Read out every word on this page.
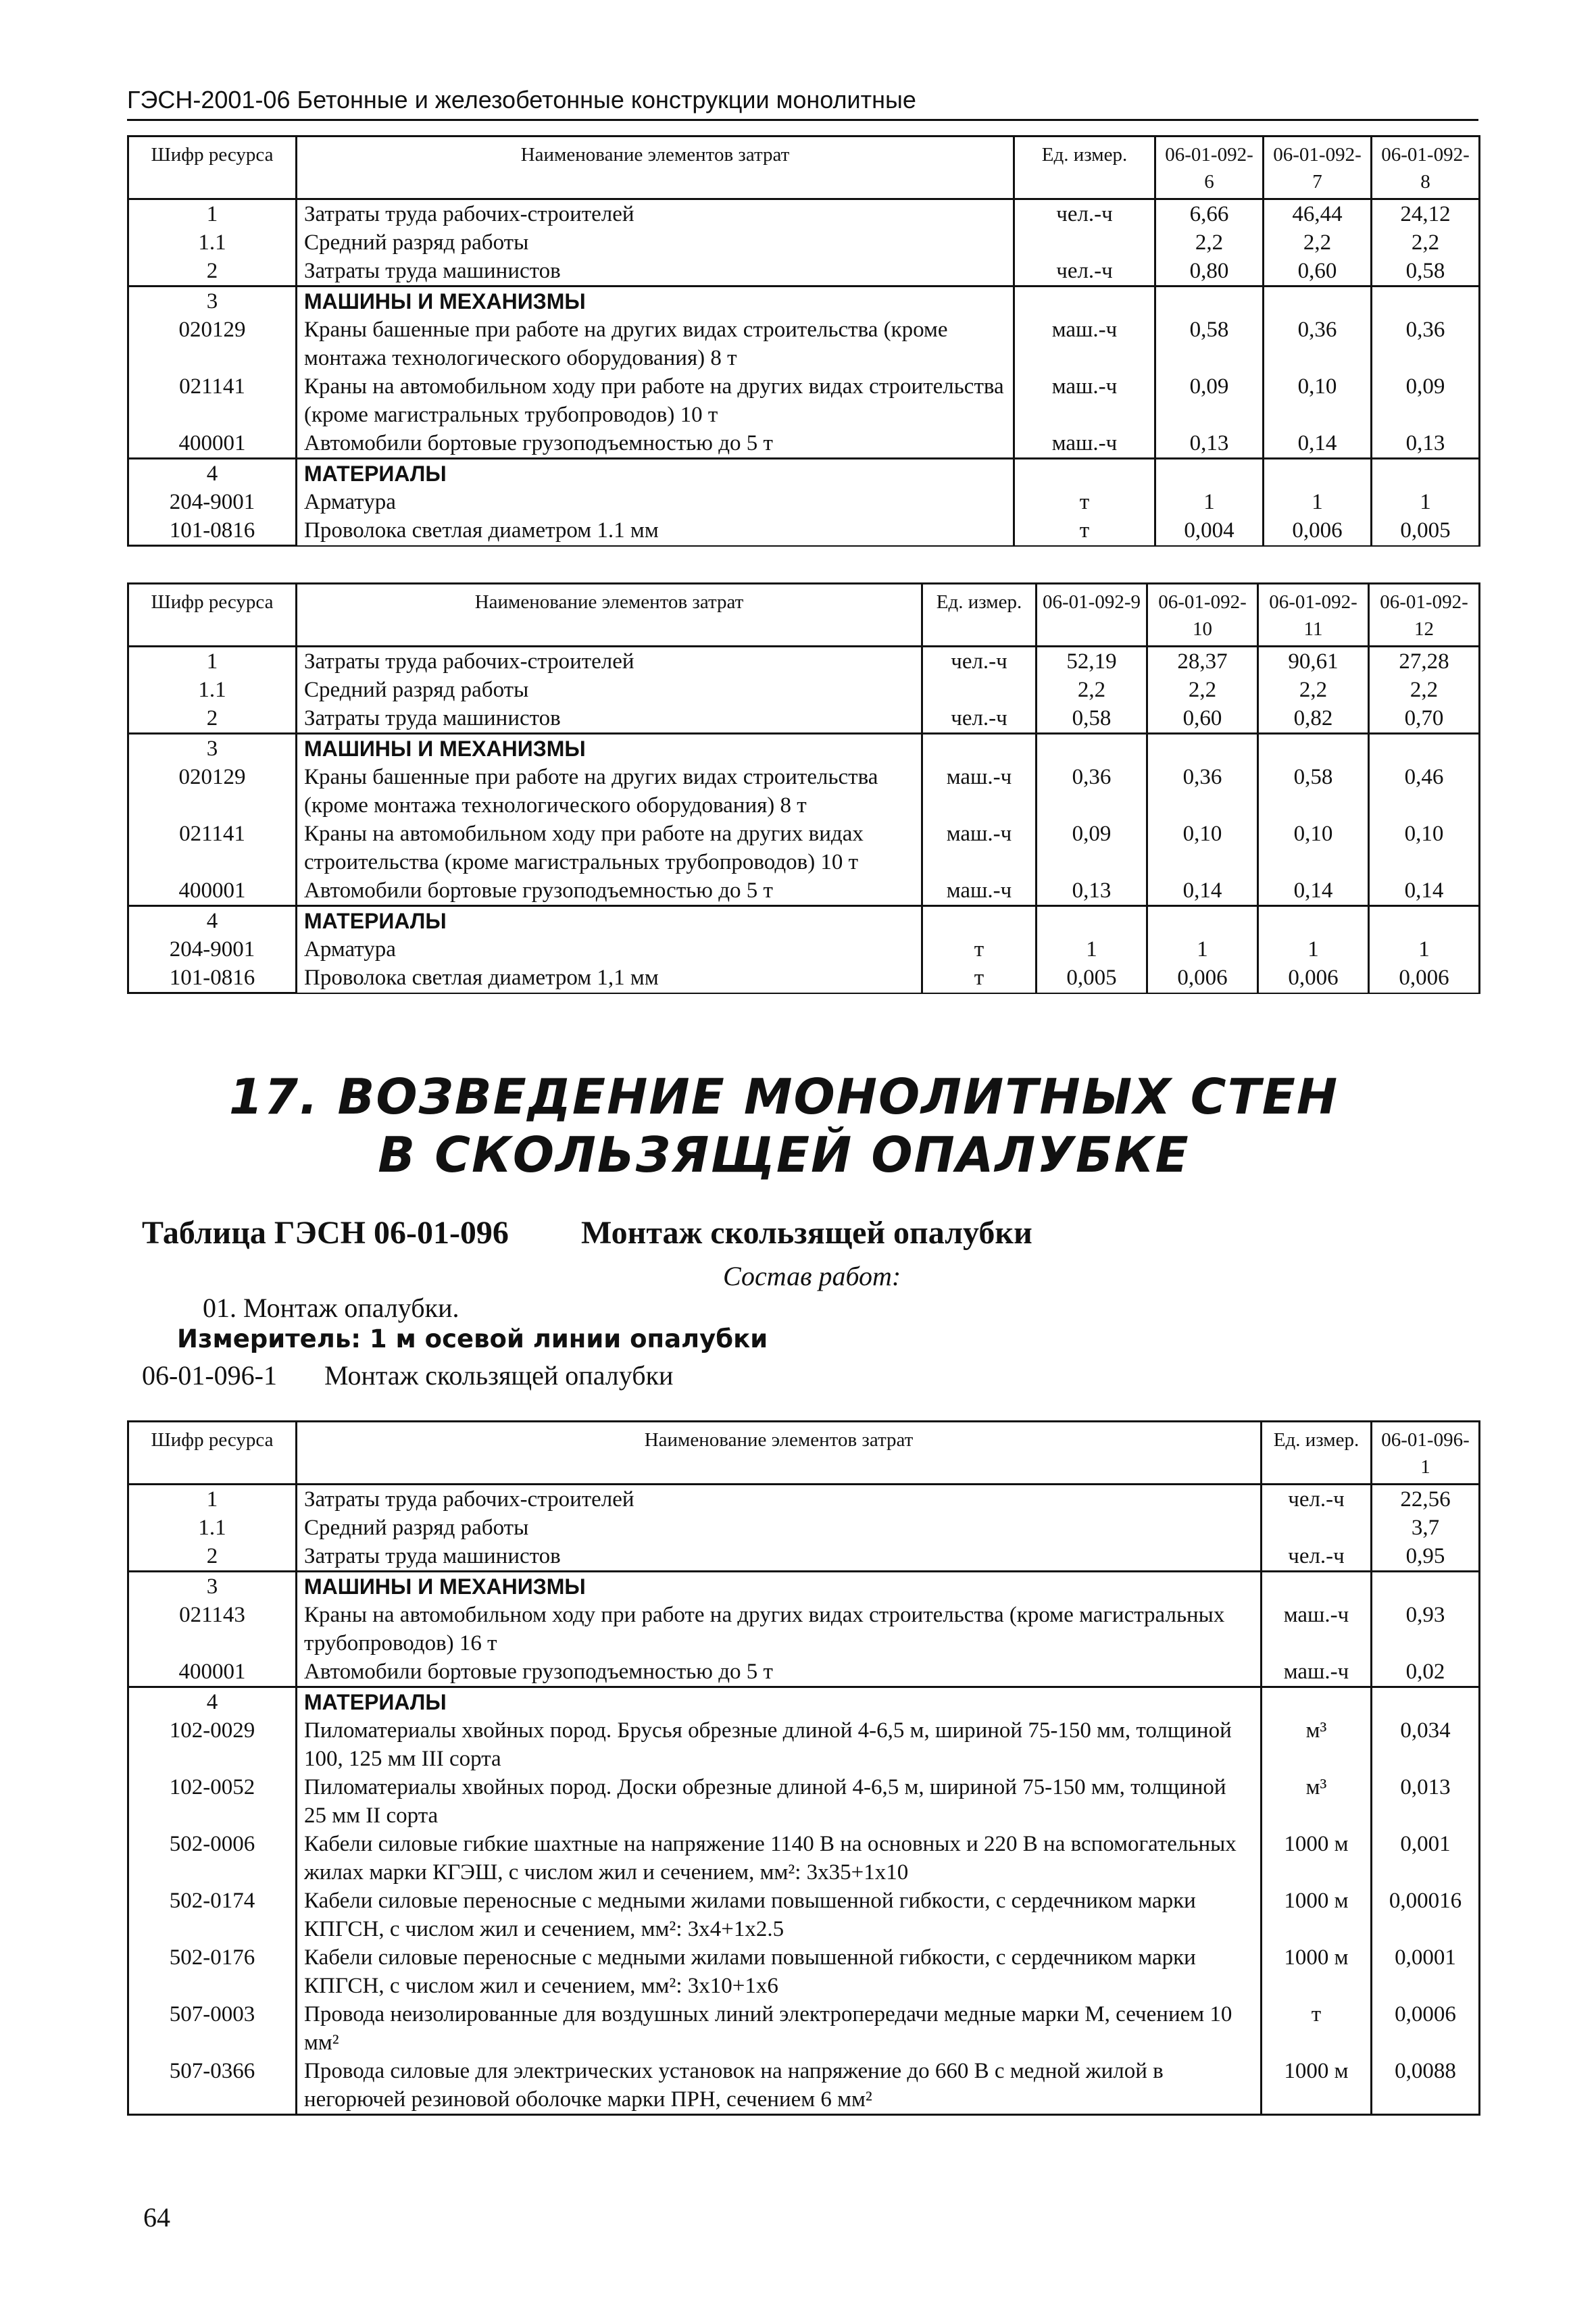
ГЭСН-2001-06 Бетонные и железобетонные конструкции монолитные
Шифр ресурса	Наименование элементов затрат	Ед. измер.	06-01-092-6	06-01-092-7	06-01-092-8
1	Затраты труда рабочих-строителей	чел.-ч	6,66	46,44	24,12
1.1	Средний разряд работы		2,2	2,2	2,2
2	Затраты труда машинистов	чел.-ч	0,80	0,60	0,58
3	МАШИНЫ И МЕХАНИЗМЫ				
020129	Краны башенные при работе на других видах строительства (кроме монтажа технологического оборудования) 8 т	маш.-ч	0,58	0,36	0,36
021141	Краны на автомобильном ходу при работе на других видах строительства (кроме магистральных трубопроводов) 10 т	маш.-ч	0,09	0,10	0,09
400001	Автомобили бортовые грузоподъемностью до 5 т	маш.-ч	0,13	0,14	0,13
4	МАТЕРИАЛЫ				
204-9001	Арматура	т	1	1	1
101-0816	Проволока светлая диаметром 1.1 мм	т	0,004	0,006	0,005
Шифр ресурса	Наименование элементов затрат	Ед. измер.	06-01-092-9	06-01-092-10	06-01-092-11	06-01-092-12
1	Затраты труда рабочих-строителей	чел.-ч	52,19	28,37	90,61	27,28
1.1	Средний разряд работы		2,2	2,2	2,2	2,2
2	Затраты труда машинистов	чел.-ч	0,58	0,60	0,82	0,70
3	МАШИНЫ И МЕХАНИЗМЫ					
020129	Краны башенные при работе на других видах строительства (кроме монтажа технологического оборудования) 8 т	маш.-ч	0,36	0,36	0,58	0,46
021141	Краны на автомобильном ходу при работе на других видах строительства (кроме магистральных трубопроводов) 10 т	маш.-ч	0,09	0,10	0,10	0,10
400001	Автомобили бортовые грузоподъемностью до 5 т	маш.-ч	0,13	0,14	0,14	0,14
4	МАТЕРИАЛЫ					
204-9001	Арматура	т	1	1	1	1
101-0816	Проволока светлая диаметром 1,1 мм	т	0,005	0,006	0,006	0,006
17. ВОЗВЕДЕНИЕ МОНОЛИТНЫХ СТЕН
В СКОЛЬЗЯЩЕЙ ОПАЛУБКЕ
Таблица ГЭСН 06-01-096 Монтаж скользящей опалубки
Состав работ:
01. Монтаж опалубки.
Измеритель: 1 м осевой линии опалубки
06-01-096-1 Монтаж скользящей опалубки
Шифр ресурса	Наименование элементов затрат	Ед. измер.	06-01-096-1
1	Затраты труда рабочих-строителей	чел.-ч	22,56
1.1	Средний разряд работы		3,7
2	Затраты труда машинистов	чел.-ч	0,95
3	МАШИНЫ И МЕХАНИЗМЫ		
021143	Краны на автомобильном ходу при работе на других видах строительства (кроме магистральных трубопроводов) 16 т	маш.-ч	0,93
400001	Автомобили бортовые грузоподъемностью до 5 т	маш.-ч	0,02
4	МАТЕРИАЛЫ		
102-0029	Пиломатериалы хвойных пород. Брусья обрезные длиной 4-6,5 м, шириной 75-150 мм, толщиной 100, 125 мм III сорта	м³	0,034
102-0052	Пиломатериалы хвойных пород. Доски обрезные длиной 4-6,5 м, шириной 75-150 мм, толщиной 25 мм II сорта	м³	0,013
502-0006	Кабели силовые гибкие шахтные на напряжение 1140 В на основных и 220 В на вспомогательных жилах марки КГЭШ, с числом жил и сечением, мм²: 3х35+1х10	1000 м	0,001
502-0174	Кабели силовые переносные с медными жилами повышенной гибкости, с сердечником марки КПГСН, с числом жил и сечением, мм²: 3х4+1х2.5	1000 м	0,00016
502-0176	Кабели силовые переносные с медными жилами повышенной гибкости, с сердечником марки КПГСН, с числом жил и сечением, мм²: 3х10+1х6	1000 м	0,0001
507-0003	Провода неизолированные для воздушных линий электропередачи медные марки М, сечением 10 мм²	т	0,0006
507-0366	Провода силовые для электрических установок на напряжение до 660 В с медной жилой в негорючей резиновой оболочке марки ПРН, сечением 6 мм²	1000 м	0,0088
64
